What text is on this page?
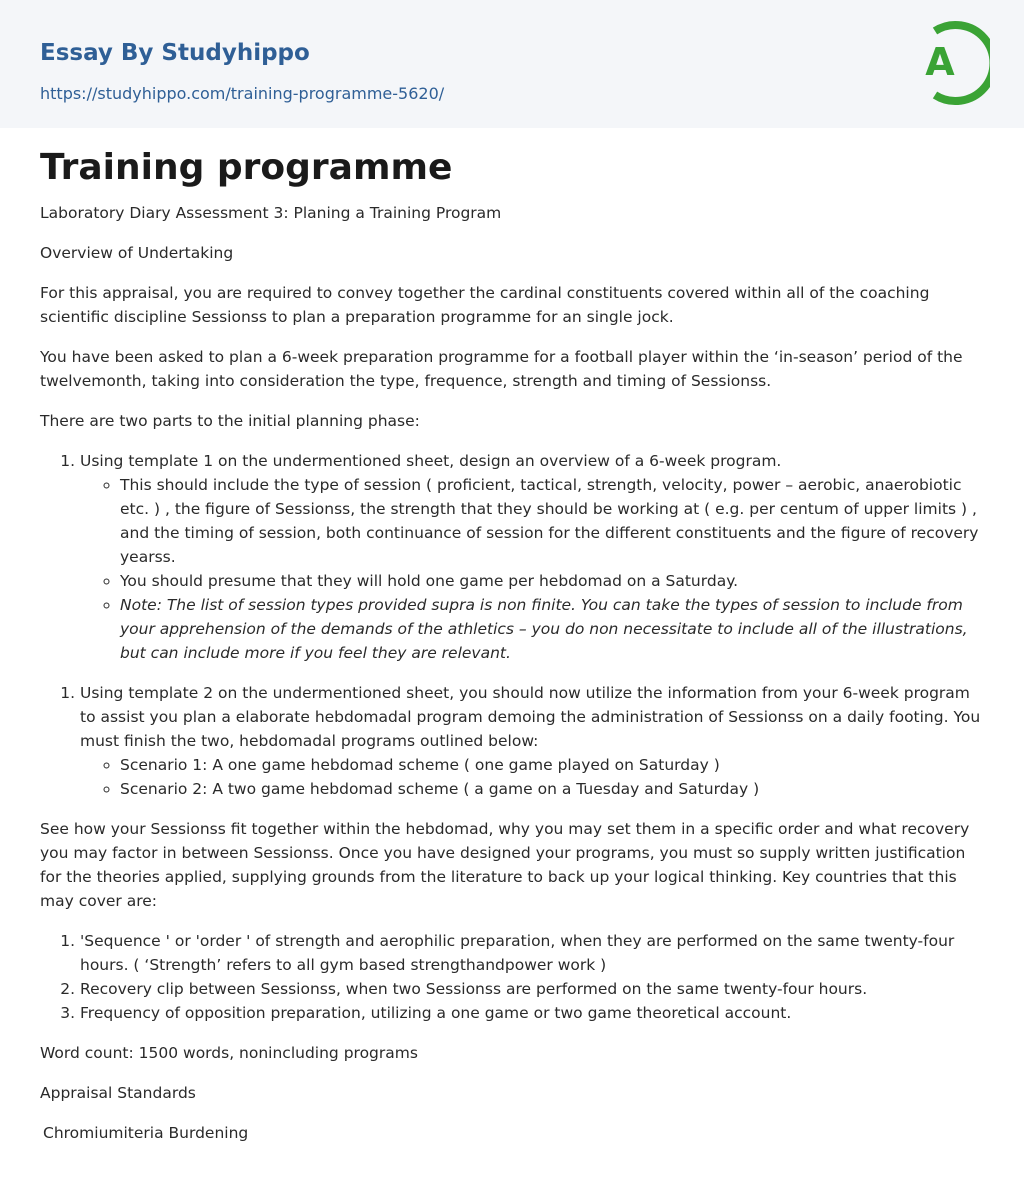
Essay By Studyhippo
https://studyhippo.com/training-programme-5620/
A
Training programme

Laboratory Diary Assessment 3: Planing a Training Program

Overview of Undertaking

For this appraisal, you are required to convey together the cardinal constituents covered within all of the coaching scientific discipline Sessionss to plan a preparation programme for an single jock.

You have been asked to plan a 6-week preparation programme for a football player within the ‘in-season’ period of the twelvemonth, taking into consideration the type, frequence, strength and timing of Sessionss.

There are two parts to the initial planning phase:

1. Using template 1 on the undermentioned sheet, design an overview of a 6-week program.
◦ This should include the type of session ( proficient, tactical, strength, velocity, power – aerobic, anaerobiotic etc. ) , the figure of Sessionss, the strength that they should be working at ( e.g. per centum of upper limits ) , and the timing of session, both continuance of session for the different constituents and the figure of recovery yearss.
◦ You should presume that they will hold one game per hebdomad on a Saturday.
◦ Note: The list of session types provided supra is non finite. You can take the types of session to include from your apprehension of the demands of the athletics – you do non necessitate to include all of the illustrations, but can include more if you feel they are relevant.
1. Using template 2 on the undermentioned sheet, you should now utilize the information from your 6-week program to assist you plan a elaborate hebdomadal program demoing the administration of Sessionss on a daily footing. You must finish the two, hebdomadal programs outlined below:
◦ Scenario 1: A one game hebdomad scheme ( one game played on Saturday )
◦ Scenario 2: A two game hebdomad scheme ( a game on a Tuesday and Saturday )

See how your Sessionss fit together within the hebdomad, why you may set them in a specific order and what recovery you may factor in between Sessionss. Once you have designed your programs, you must so supply written justification for the theories applied, supplying grounds from the literature to back up your logical thinking. Key countries that this may cover are:

1. 'Sequence ' or 'order ' of strength and aerophilic preparation, when they are performed on the same twenty-four hours. ( ‘Strength’ refers to all gym based strengthandpower work )
2. Recovery clip between Sessionss, when two Sessionss are performed on the same twenty-four hours.
3. Frequency of opposition preparation, utilizing a one game or two game theoretical account.

Word count: 1500 words, nonincluding programs

Appraisal Standards

Chromiumiteria Burdening
